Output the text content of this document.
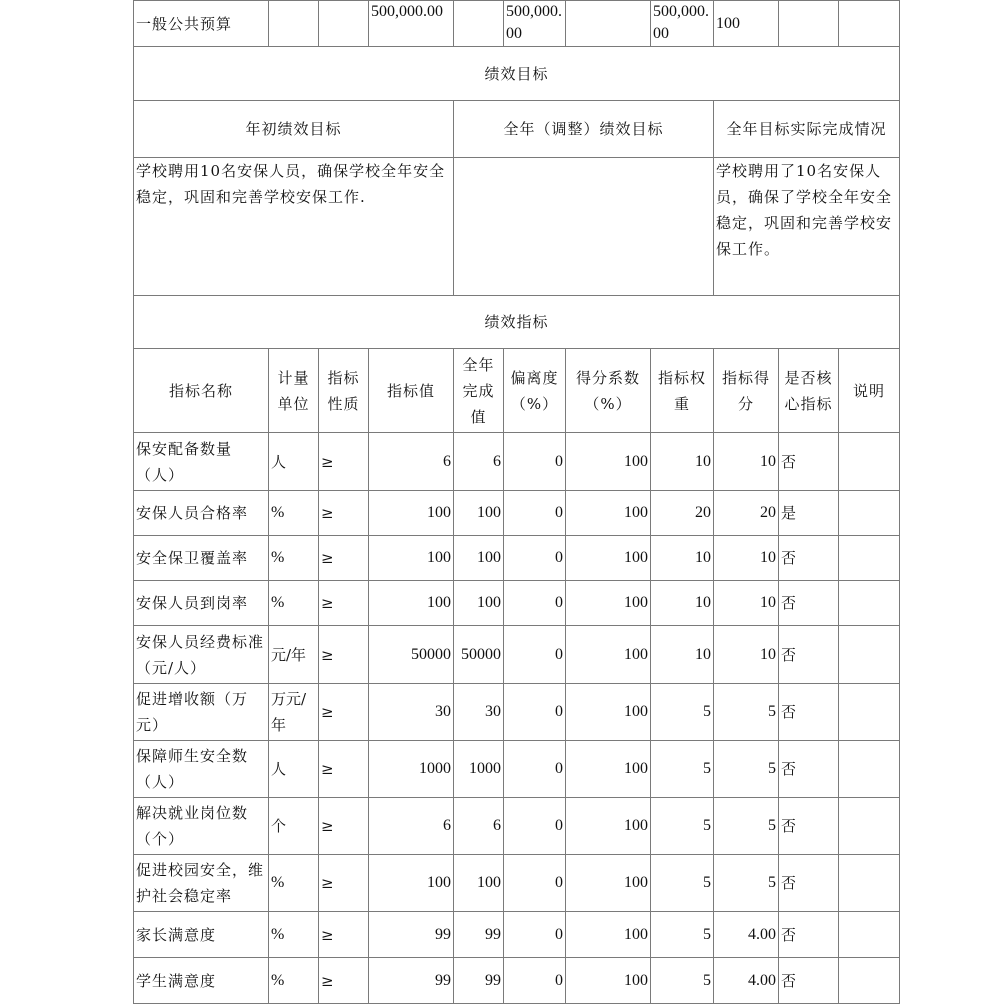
一般公共预算			500,000.00		500,000.00		500,000.00	100		
绩效目标										
年初绩效目标				全年（调整）绩效目标				全年目标实际完成情况		
学校聘用10名安保人员，确保学校全年安全稳定，巩固和完善学校安保工作.								学校聘用了10名安保人员，确保了学校全年安全稳定，巩固和完善学校安保工作。		
绩效指标										
指标名称	计量单位	指标性质	指标值	全年完成值	偏离度（%）	得分系数（%）	指标权重	指标得分	是否核心指标	说明
保安配备数量（人）	人	≥	6	6	0	100	10	10	否	
安保人员合格率	%	≥	100	100	0	100	20	20	是	
安全保卫覆盖率	%	≥	100	100	0	100	10	10	否	
安保人员到岗率	%	≥	100	100	0	100	10	10	否	
安保人员经费标准（元/人）	元/年	≥	50000	50000	0	100	10	10	否	
促进增收额（万元）	万元/年	≥	30	30	0	100	5	5	否	
保障师生安全数（人）	人	≥	1000	1000	0	100	5	5	否	
解决就业岗位数（个）	个	≥	6	6	0	100	5	5	否	
促进校园安全，维护社会稳定率	%	≥	100	100	0	100	5	5	否	
家长满意度	%	≥	99	99	0	100	5	4.00	否	
学生满意度	%	≥	99	99	0	100	5	4.00	否	
